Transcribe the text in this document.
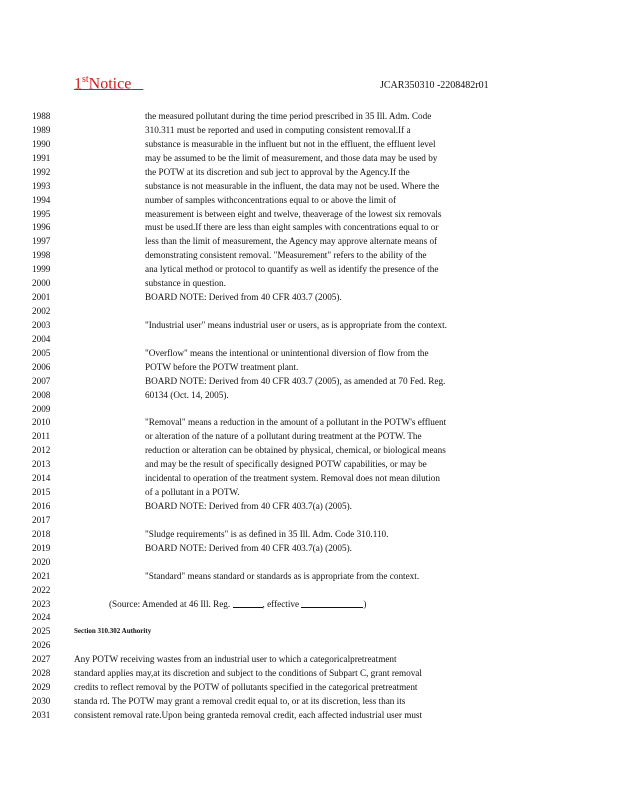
1stNotice	JCAR350310 -2208482r01
1988	the measured pollutant during the time period prescribed in 35 Ill. Adm. Code
1989	310.311 must be reported and used in computing consistent removal.If a
1990	substance is measurable in the influent but not in the effluent, the effluent level
1991	may be assumed to be the limit of measurement, and those data may be used by
1992	the POTW at its discretion and sub ject to approval by the Agency.If the
1993	substance is not measurable in the influent, the data may not be used. Where the
1994	number of samples withconcentrations equal to or above the limit of
1995	measurement is between eight and twelve, theaverage of the lowest six removals
1996	must be used.If there are less than eight samples with concentrations equal to or
1997	less than the limit of measurement, the Agency may approve alternate means of
1998	demonstrating consistent removal. "Measurement" refers to the ability of the
1999	ana lytical method or protocol to quantify as well as identify the presence of the
2000	substance in question.
2001	BOARD NOTE: Derived from 40 CFR 403.7 (2005).
2002
2003	"Industrial user" means industrial user or users, as is appropriate from the context.
2004
2005	"Overflow" means the intentional or unintentional diversion of flow from the
2006	POTW before the POTW treatment plant.
2007	BOARD NOTE: Derived from 40 CFR 403.7 (2005), as amended at 70 Fed. Reg.
2008	60134 (Oct. 14, 2005).
2009
2010	"Removal" means a reduction in the amount of a pollutant in the POTW's effluent
2011	or alteration of the nature of a pollutant during treatment at the POTW. The
2012	reduction or alteration can be obtained by physical, chemical, or biological means
2013	and may be the result of specifically designed POTW capabilities, or may be
2014	incidental to operation of the treatment system. Removal does not mean dilution
2015	of a pollutant in a POTW.
2016	BOARD NOTE: Derived from 40 CFR 403.7(a) (2005).
2017
2018	"Sludge requirements" is as defined in 35 Ill. Adm. Code 310.110.
2019	BOARD NOTE: Derived from 40 CFR 403.7(a) (2005).
2020
2021	"Standard" means standard or standards as is appropriate from the context.
2022
2023	(Source: Amended at 46 Ill. Reg.	, effective	)
2024
2025	Section 310.302 Authority
2026
2027	Any POTW receiving wastes from an industrial user to which a categoricalpretreatment
2028	standard applies may,at its discretion and subject to the conditions of Subpart C, grant removal
2029	credits to reflect removal by the POTW of pollutants specified in the categorical pretreatment
2030	standa rd. The POTW may grant a removal credit equal to, or at its discretion, less than its
2031	consistent removal rate.Upon being granteda removal credit, each affected industrial user must
